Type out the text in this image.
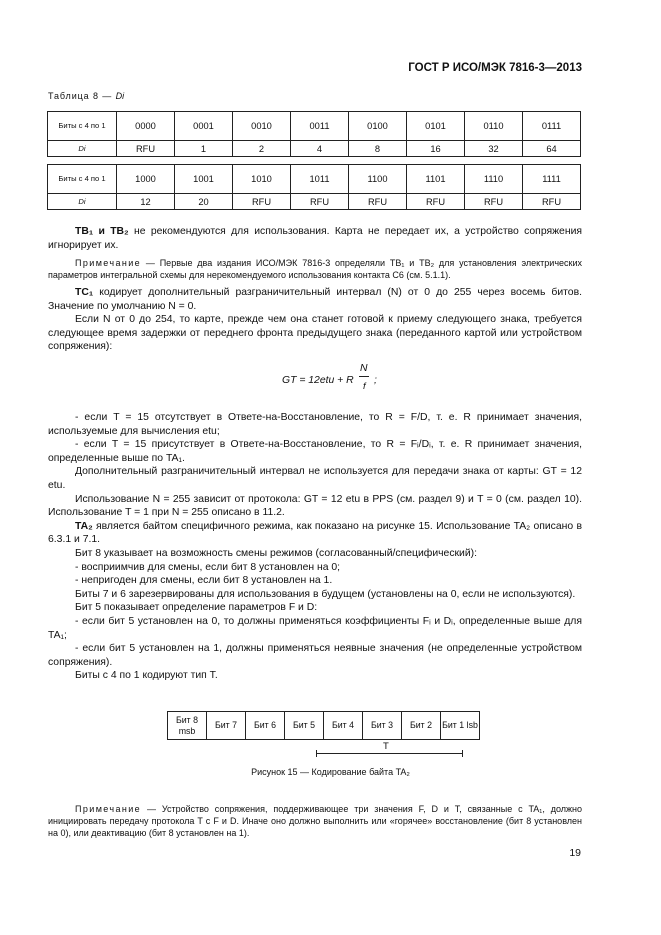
ГОСТ Р ИСО/МЭК 7816-3—2013
Таблица 8 — Di
Биты с 4 по 1	0000	0001	0010	0011	0100	0101	0110	0111
Di	RFU	1	2	4	8	16	32	64
Биты с 4 по 1	1000	1001	1010	1011	1100	1101	1110	1111
Di	12	20	RFU	RFU	RFU	RFU	RFU	RFU

TB₁ и TB₂ не рекомендуются для использования. Карта не передает их, а устройство сопряжения игнорирует их.

Примечание — Первые два издания ИСО/МЭК 7816-3 определяли TB₁ и TB₂ для установления электрических параметров интегральной схемы для нерекомендуемого использования контакта С6 (см. 5.1.1).

TC₁ кодирует дополнительный разграничительный интервал (N) от 0 до 255 через восемь битов. Значение по умолчанию N = 0.

Если N от 0 до 254, то карте, прежде чем она станет готовой к приему следующего знака, требуется следующее время задержки от переднего фронта предыдущего знака (переданного картой или устройством сопряжения):

GT = 12etu + R
N
f
;

- если T = 15 отсутствует в Ответе-на-Восстановление, то R = F/D, т. е. R принимает значения, используемые для вычисления etu;

- если T = 15 присутствует в Ответе-на-Восстановление, то R = Fᵢ/Dᵢ, т. е. R принимает значения, определенные выше по TA₁.

Дополнительный разграничительный интервал не используется для передачи знака от карты: GT = 12 etu.

Использование N = 255 зависит от протокола: GT = 12 etu в PPS (см. раздел 9) и T = 0 (см. раздел 10). Использование T = 1 при N = 255 описано в 11.2.

TA₂ является байтом специфичного режима, как показано на рисунке 15. Использование TA₂ описано в 6.3.1 и 7.1.

Бит 8 указывает на возможность смены режимов (согласованный/специфический):

- восприимчив для смены, если бит 8 установлен на 0;

- непригоден для смены, если бит 8 установлен на 1.

Биты 7 и 6 зарезервированы для использования в будущем (установлены на 0, если не используются).

Бит 5 показывает определение параметров F и D:

- если бит 5 установлен на 0, то должны применяться коэффициенты Fᵢ и Dᵢ, определенные выше для TA₁;

- если бит 5 установлен на 1, должны применяться неявные значения (не определенные устройством сопряжения).

Биты с 4 по 1 кодируют тип Т.

Бит 8 msb	Бит 7	Бит 6	Бит 5	Бит 4	Бит 3	Бит 2	Бит 1 lsb
T
Рисунок 15 — Кодирование байта TA₂

Примечание — Устройство сопряжения, поддерживающее три значения F, D и T, связанные с TA₁, должно инициировать передачу протокола T с F и D. Иначе оно должно выполнить или «горячее» восстановление (бит 8 установлен на 0), или деактивацию (бит 8 установлен на 1).

19
